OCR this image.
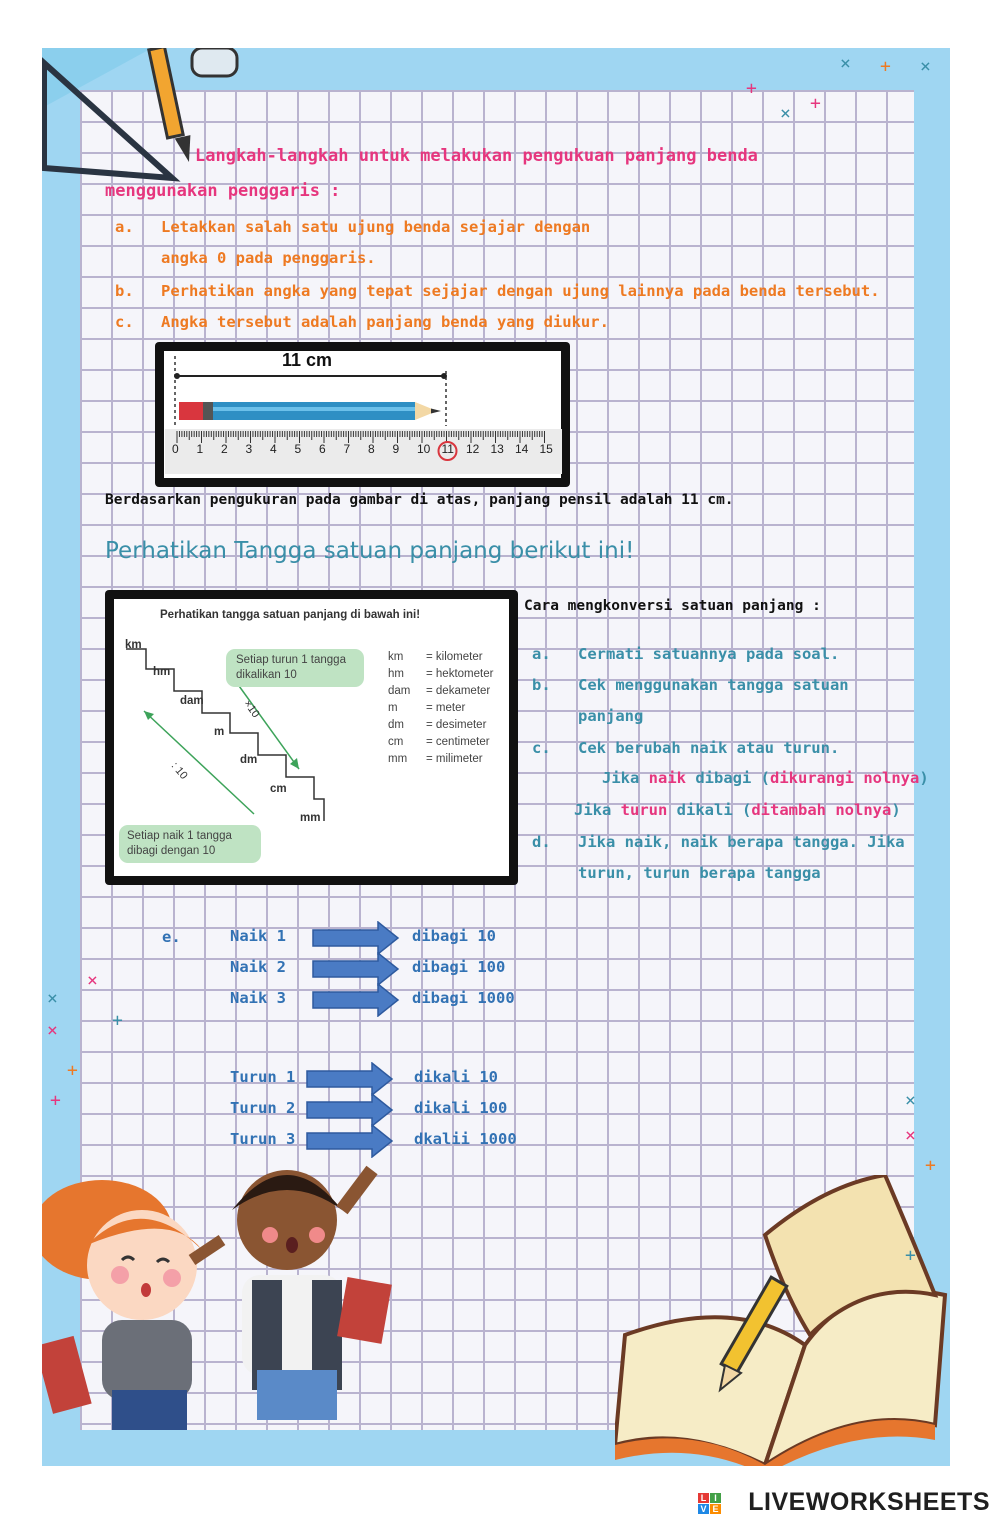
+
× +
× + ×
Langkah-langkah untuk melakukan pengukuan panjang benda
menggunakan penggaris :
a. Letakkan salah satu ujung benda sejajar dengan
angka 0 pada penggaris.
b. Perhatikan angka yang tepat sejajar dengan ujung lainnya pada benda tersebut.
c. Angka tersebut adalah panjang benda yang diukur.
11 cm
0 1 2 3 4 5 6 7 8 9 10 11 12 13 14 15
Berdasarkan pengukuran pada gambar di atas, panjang pensil adalah 11 cm.
Perhatikan Tangga satuan panjang berikut ini!
Perhatikan tangga satuan panjang di bawah ini!
km
hm
dam
m
dm
cm
mm
Setiap turun 1 tangga
dikalikan 10
×10
: 10
Setiap naik 1 tangga
dibagi dengan 10
km = kilometer
hm = hektometer
dam = dekameter
m = meter
dm = desimeter
cm = centimeter
mm = milimeter
Cara mengkonversi satuan panjang :
a. Cermati satuannya pada soal.
b. Cek menggunakan tangga satuan
panjang
c. Cek berubah naik atau turun.
Jika naik dibagi (dikurangi nolnya)
Jika turun dikali (ditambah nolnya)
d. Jika naik, naik berapa tangga. Jika
turun, turun berapa tangga
e.	Naik 1	dibagi 10
Naik 2	dibagi 100
Naik 3	dibagi 1000
Turun 1	dikali 10
Turun 2	dikali 100
Turun 3	dkalii 1000
×
×
×	+
+
+	×
×
+
+
L I
V E LIVEWORKSHEETS
